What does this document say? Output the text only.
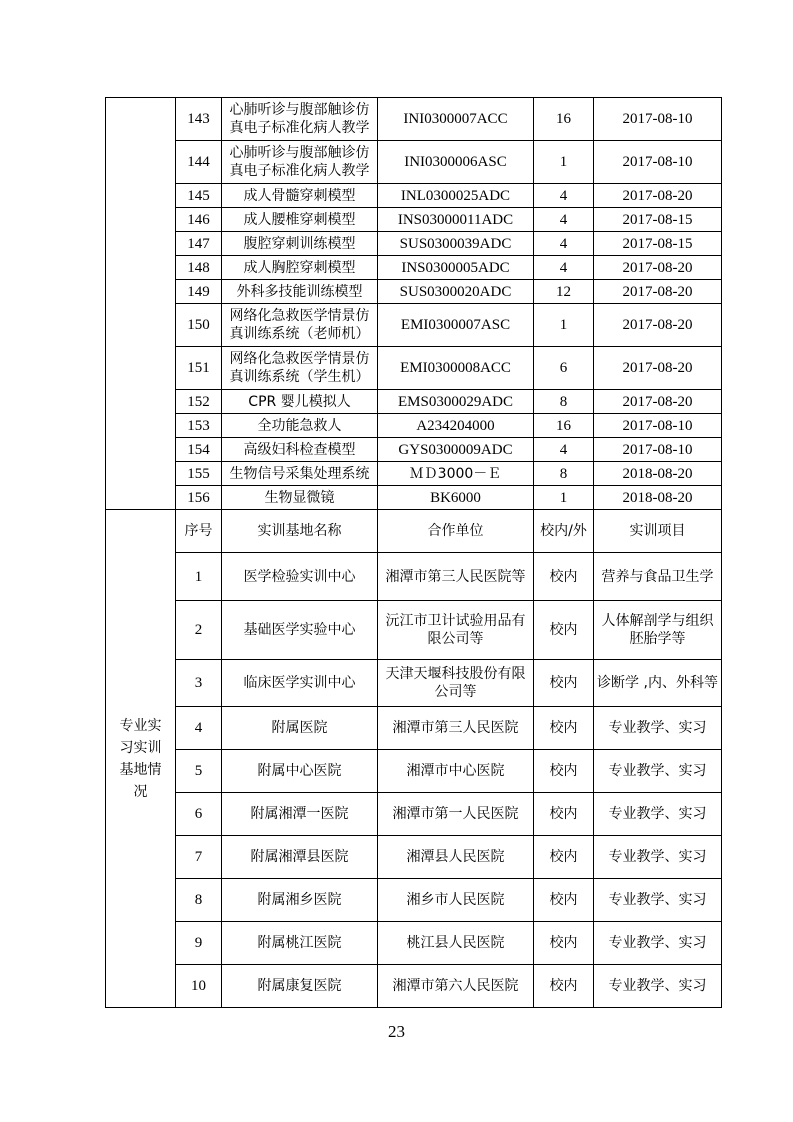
	143	心肺听诊与腹部触诊仿真电子标准化病人教学	INI0300007ACC	16	2017-08-10
	144	心肺听诊与腹部触诊仿真电子标准化病人教学	INI0300006ASC	1	2017-08-10
	145	成人骨髓穿刺模型	INL0300025ADC	4	2017-08-20
	146	成人腰椎穿刺模型	INS03000011ADC	4	2017-08-15
	147	腹腔穿刺训练模型	SUS0300039ADC	4	2017-08-15
	148	成人胸腔穿刺模型	INS0300005ADC	4	2017-08-20
	149	外科多技能训练模型	SUS0300020ADC	12	2017-08-20
	150	网络化急救医学情景仿真训练系统（老师机）	EMI0300007ASC	1	2017-08-20
	151	网络化急救医学情景仿真训练系统（学生机）	EMI0300008ACC	6	2017-08-20
	152	CPR 婴儿模拟人	EMS0300029ADC	8	2017-08-20
	153	全功能急救人	A234204000	16	2017-08-10
	154	高级妇科检查模型	GYS0300009ADC	4	2017-08-10
	155	生物信号采集处理系统	ＭＤ3000－Ｅ	8	2018-08-20
	156	生物显微镜	BK6000	1	2018-08-20
专业实习实训基地情况	序号	实训基地名称	合作单位	校内/外	实训项目
	1	医学检验实训中心	湘潭市第三人民医院等	校内	营养与食品卫生学
	2	基础医学实验中心	沅江市卫计试验用品有限公司等	校内	人体解剖学与组织胚胎学等
	3	临床医学实训中心	天津天堰科技股份有限公司等	校内	诊断学 ,内、外科等
	4	附属医院	湘潭市第三人民医院	校内	专业教学、实习
	5	附属中心医院	湘潭市中心医院	校内	专业教学、实习
	6	附属湘潭一医院	湘潭市第一人民医院	校内	专业教学、实习
	7	附属湘潭县医院	湘潭县人民医院	校内	专业教学、实习
	8	附属湘乡医院	湘乡市人民医院	校内	专业教学、实习
	9	附属桃江医院	桃江县人民医院	校内	专业教学、实习
	10	附属康复医院	湘潭市第六人民医院	校内	专业教学、实习
23
